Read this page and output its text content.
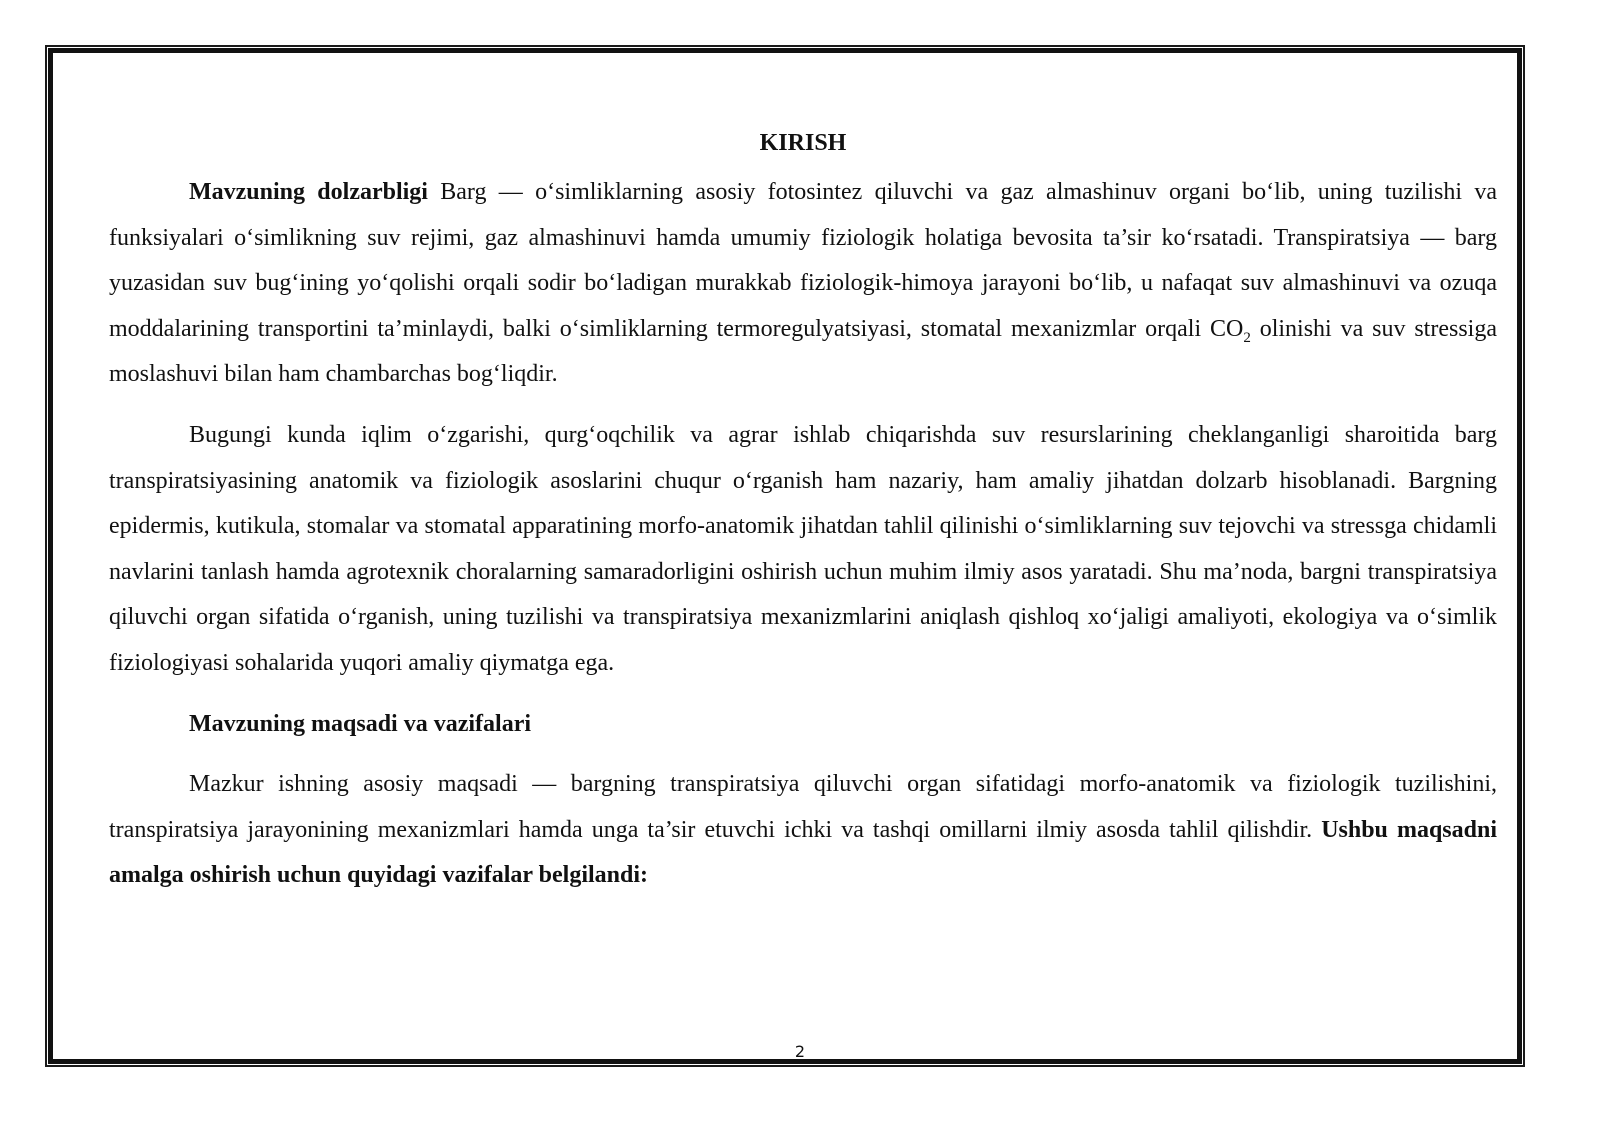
KIRISH

Mavzuning dolzarbligi Barg — o‘simliklarning asosiy fotosintez qiluvchi va gaz almashinuv organi bo‘lib, uning tuzilishi va funksiyalari o‘simlikning suv rejimi, gaz almashinuvi hamda umumiy fiziologik holatiga bevosita ta’sir ko‘rsatadi. Transpiratsiya — barg yuzasidan suv bug‘ining yo‘qolishi orqali sodir bo‘ladigan murakkab fiziologik-himoya jarayoni bo‘lib, u nafaqat suv almashinuvi va ozuqa moddalarining transportini ta’minlaydi, balki o‘simliklarning termoregulyatsiyasi, stomatal mexanizmlar orqali $CO_2$ olinishi va suv stressiga moslashuvi bilan ham chambarchas bog‘liqdir.

Bugungi kunda iqlim o‘zgarishi, qurg‘oqchilik va agrar ishlab chiqarishda suv resurslarining cheklanganligi sharoitida barg transpiratsiyasining anatomik va fiziologik asoslarini chuqur o‘rganish ham nazariy, ham amaliy jihatdan dolzarb hisoblanadi. Bargning epidermis, kutikula, stomalar va stomatal apparatining morfo-anatomik jihatdan tahlil qilinishi o‘simliklarning suv tejovchi va stressga chidamli navlarini tanlash hamda agrotexnik choralarning samaradorligini oshirish uchun muhim ilmiy asos yaratadi. Shu ma’noda, bargni transpiratsiya qiluvchi organ sifatida o‘rganish, uning tuzilishi va transpiratsiya mexanizmlarini aniqlash qishloq xo‘jaligi amaliyoti, ekologiya va o‘simlik fiziologiyasi sohalarida yuqori amaliy qiymatga ega.

Mavzuning maqsadi va vazifalari

Mazkur ishning asosiy maqsadi — bargning transpiratsiya qiluvchi organ sifatidagi morfo-anatomik va fiziologik tuzilishini, transpiratsiya jarayonining mexanizmlari hamda unga ta’sir etuvchi ichki va tashqi omillarni ilmiy asosda tahlil qilishdir. Ushbu maqsadni amalga oshirish uchun quyidagi vazifalar belgilandi:

2
